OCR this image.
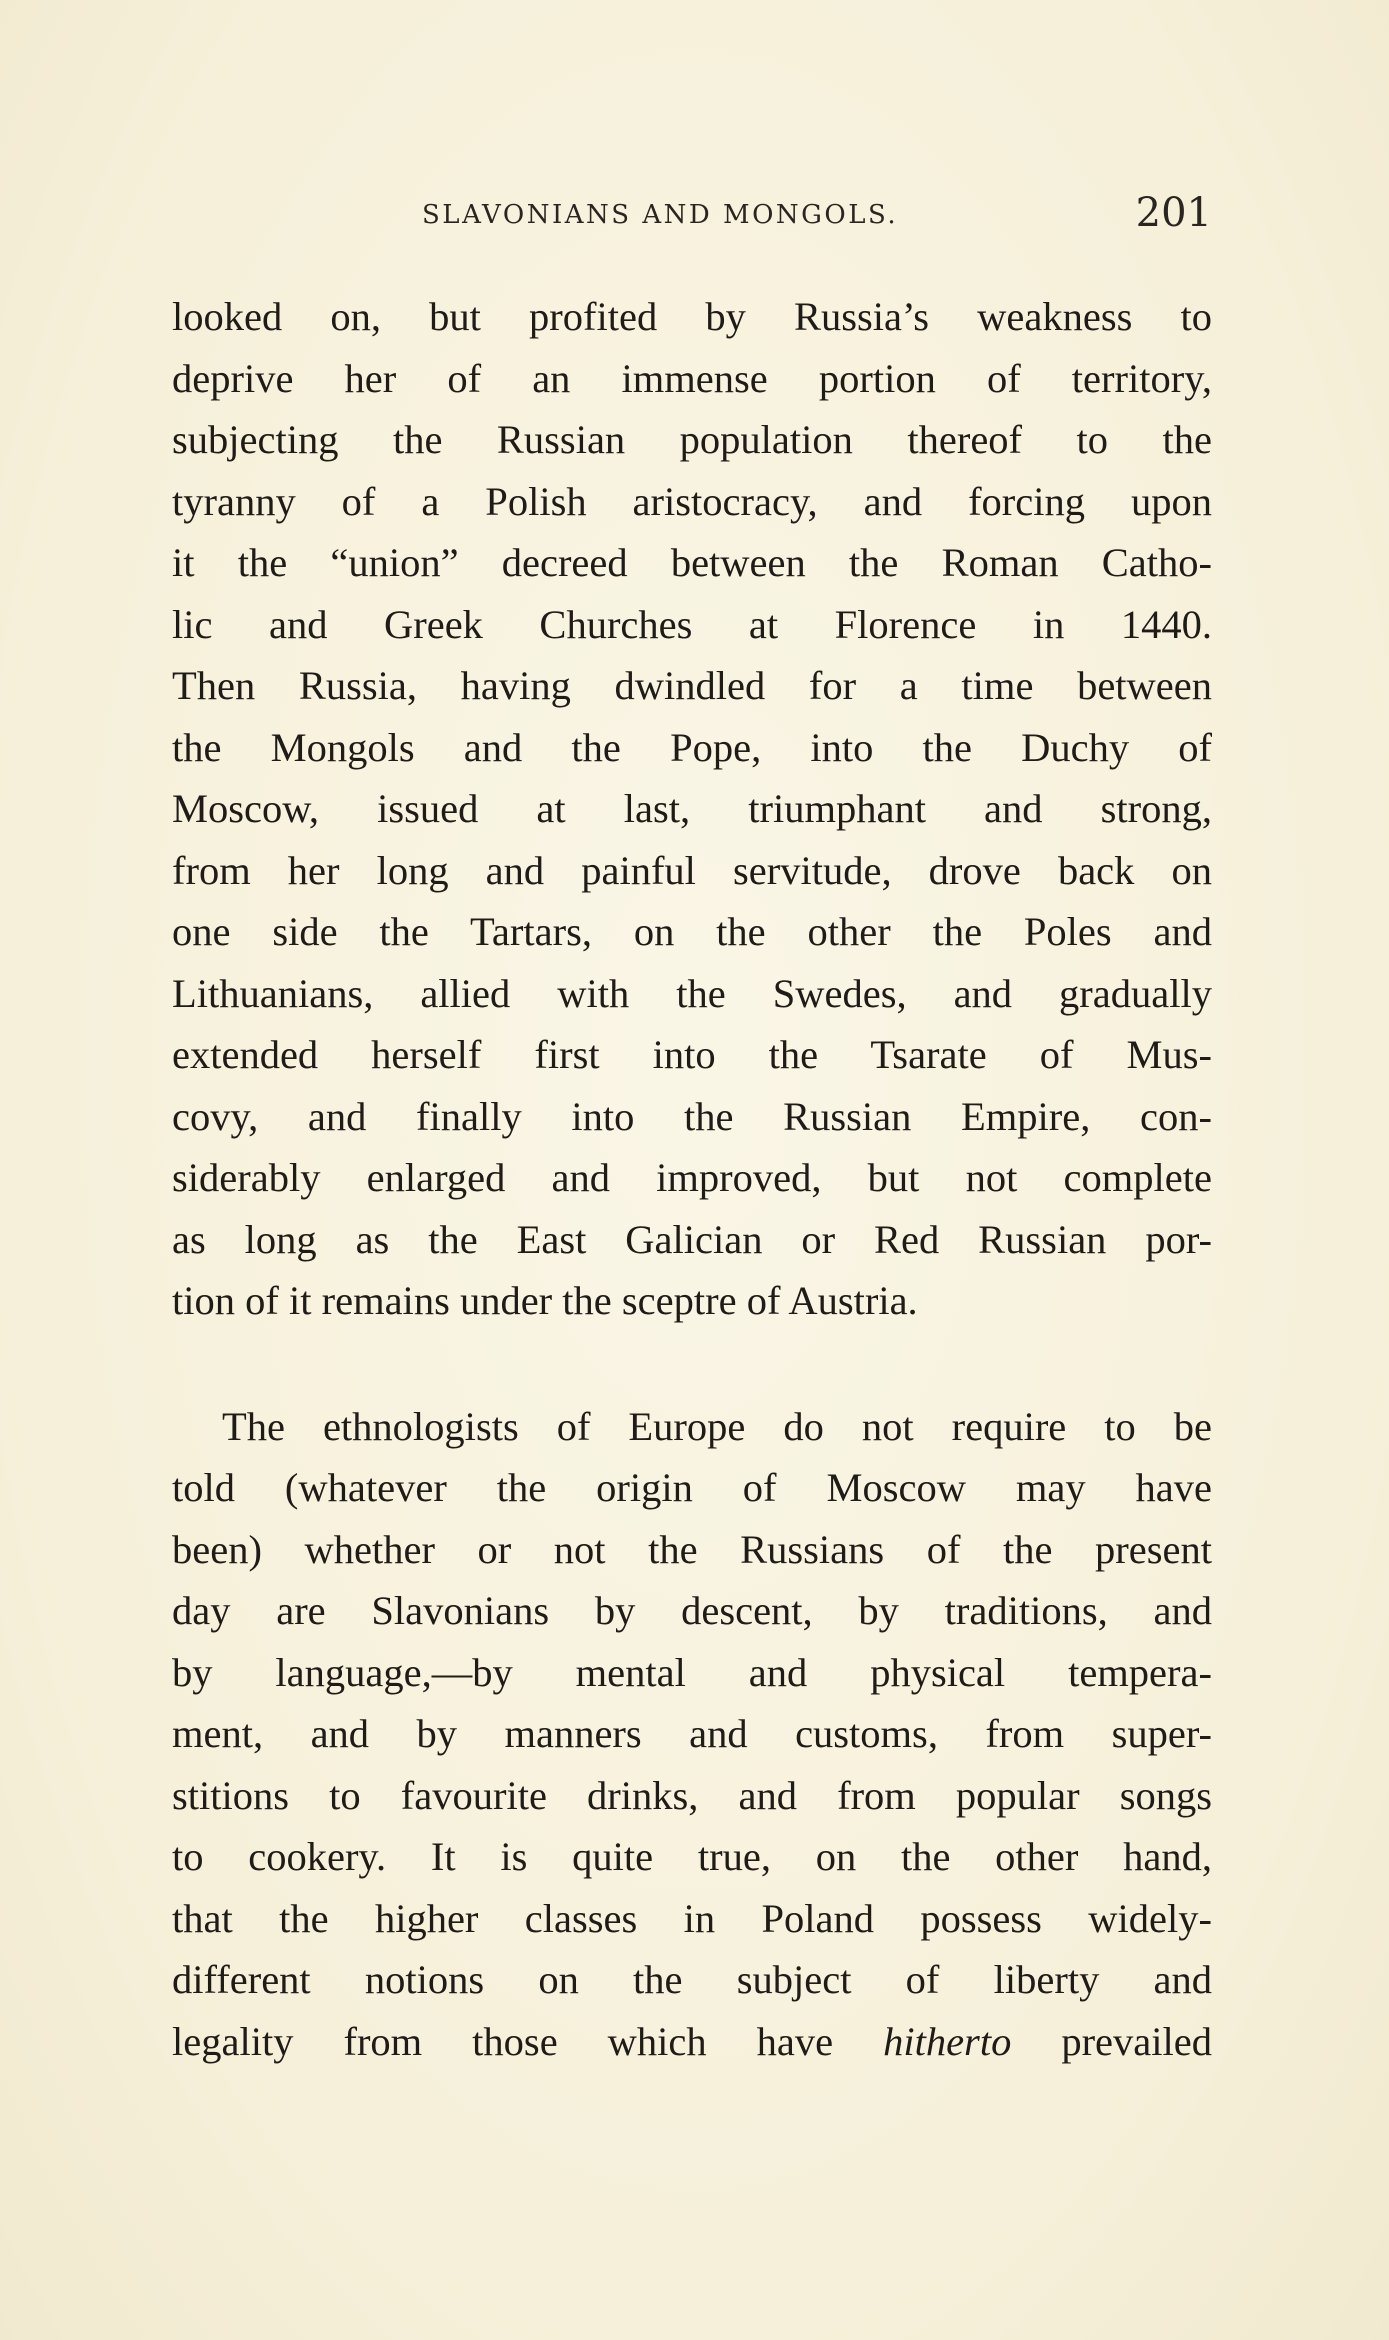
SLAVONIANS AND MONGOLS.	201
looked on, but profited by Russia’s weakness to
deprive her of an immense portion of territory,
subjecting the Russian population thereof to the
tyranny of a Polish aristocracy, and forcing upon
it the “union” decreed between the Roman Catho-
lic and Greek Churches at Florence in 1440.
Then Russia, having dwindled for a time between
the Mongols and the Pope, into the Duchy of
Moscow, issued at last, triumphant and strong,
from her long and painful servitude, drove back on
one side the Tartars, on the other the Poles and
Lithuanians, allied with the Swedes, and gradually
extended herself first into the Tsarate of Mus-
covy, and finally into the Russian Empire, con-
siderably enlarged and improved, but not complete
as long as the East Galician or Red Russian por-
tion of it remains under the sceptre of Austria.
The ethnologists of Europe do not require to be
told (whatever the origin of Moscow may have
been) whether or not the Russians of the present
day are Slavonians by descent, by traditions, and
by language,—by mental and physical tempera-
ment, and by manners and customs, from super-
stitions to favourite drinks, and from popular songs
to cookery. It is quite true, on the other hand,
that the higher classes in Poland possess widely-
different notions on the subject of liberty and
legality from those which have hitherto prevailed
